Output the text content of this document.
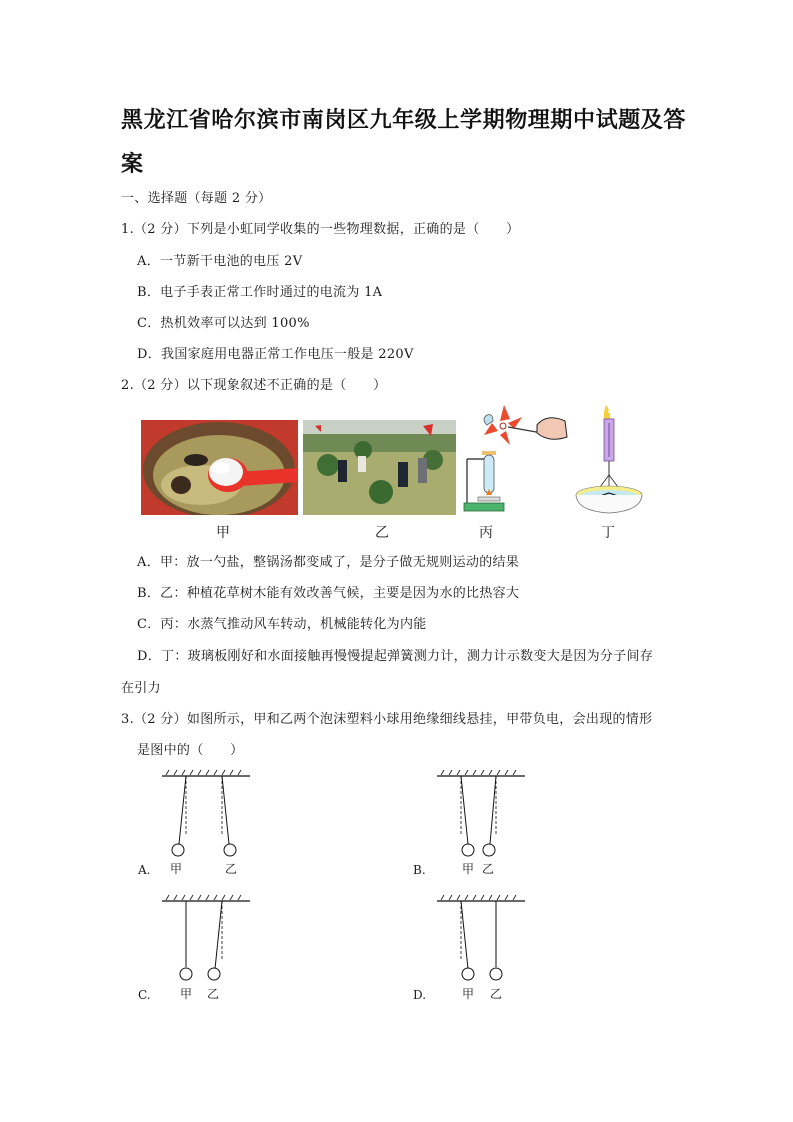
黑龙江省哈尔滨市南岗区九年级上学期物理期中试题及答
案
一、选择题（每题 2 分）
1.（2 分）下列是小虹同学收集的一些物理数据，正确的是（　　）
A．一节新干电池的电压 2V
B．电子手表正常工作时通过的电流为 1A
C．热机效率可以达到 100%
D．我国家庭用电器正常工作电压一般是 220V
2.（2 分）以下现象叙述不正确的是（　　）
甲	乙	丙	丁
A．甲：放一勺盐，整锅汤都变咸了，是分子做无规则运动的结果
B．乙：种植花草树木能有效改善气候，主要是因为水的比热容大
C．丙：水蒸气推动风车转动，机械能转化为内能
D．丁：玻璃板刚好和水面接触再慢慢提起弹簧测力计，测力计示数变大是因为分子间存
在引力
3.（2 分）如图所示，甲和乙两个泡沫塑料小球用绝缘细线悬挂，甲带负电，会出现的情形
是图中的（　　）
A. 甲	乙	B.	甲 乙
C. 甲 乙	D.	甲 乙
